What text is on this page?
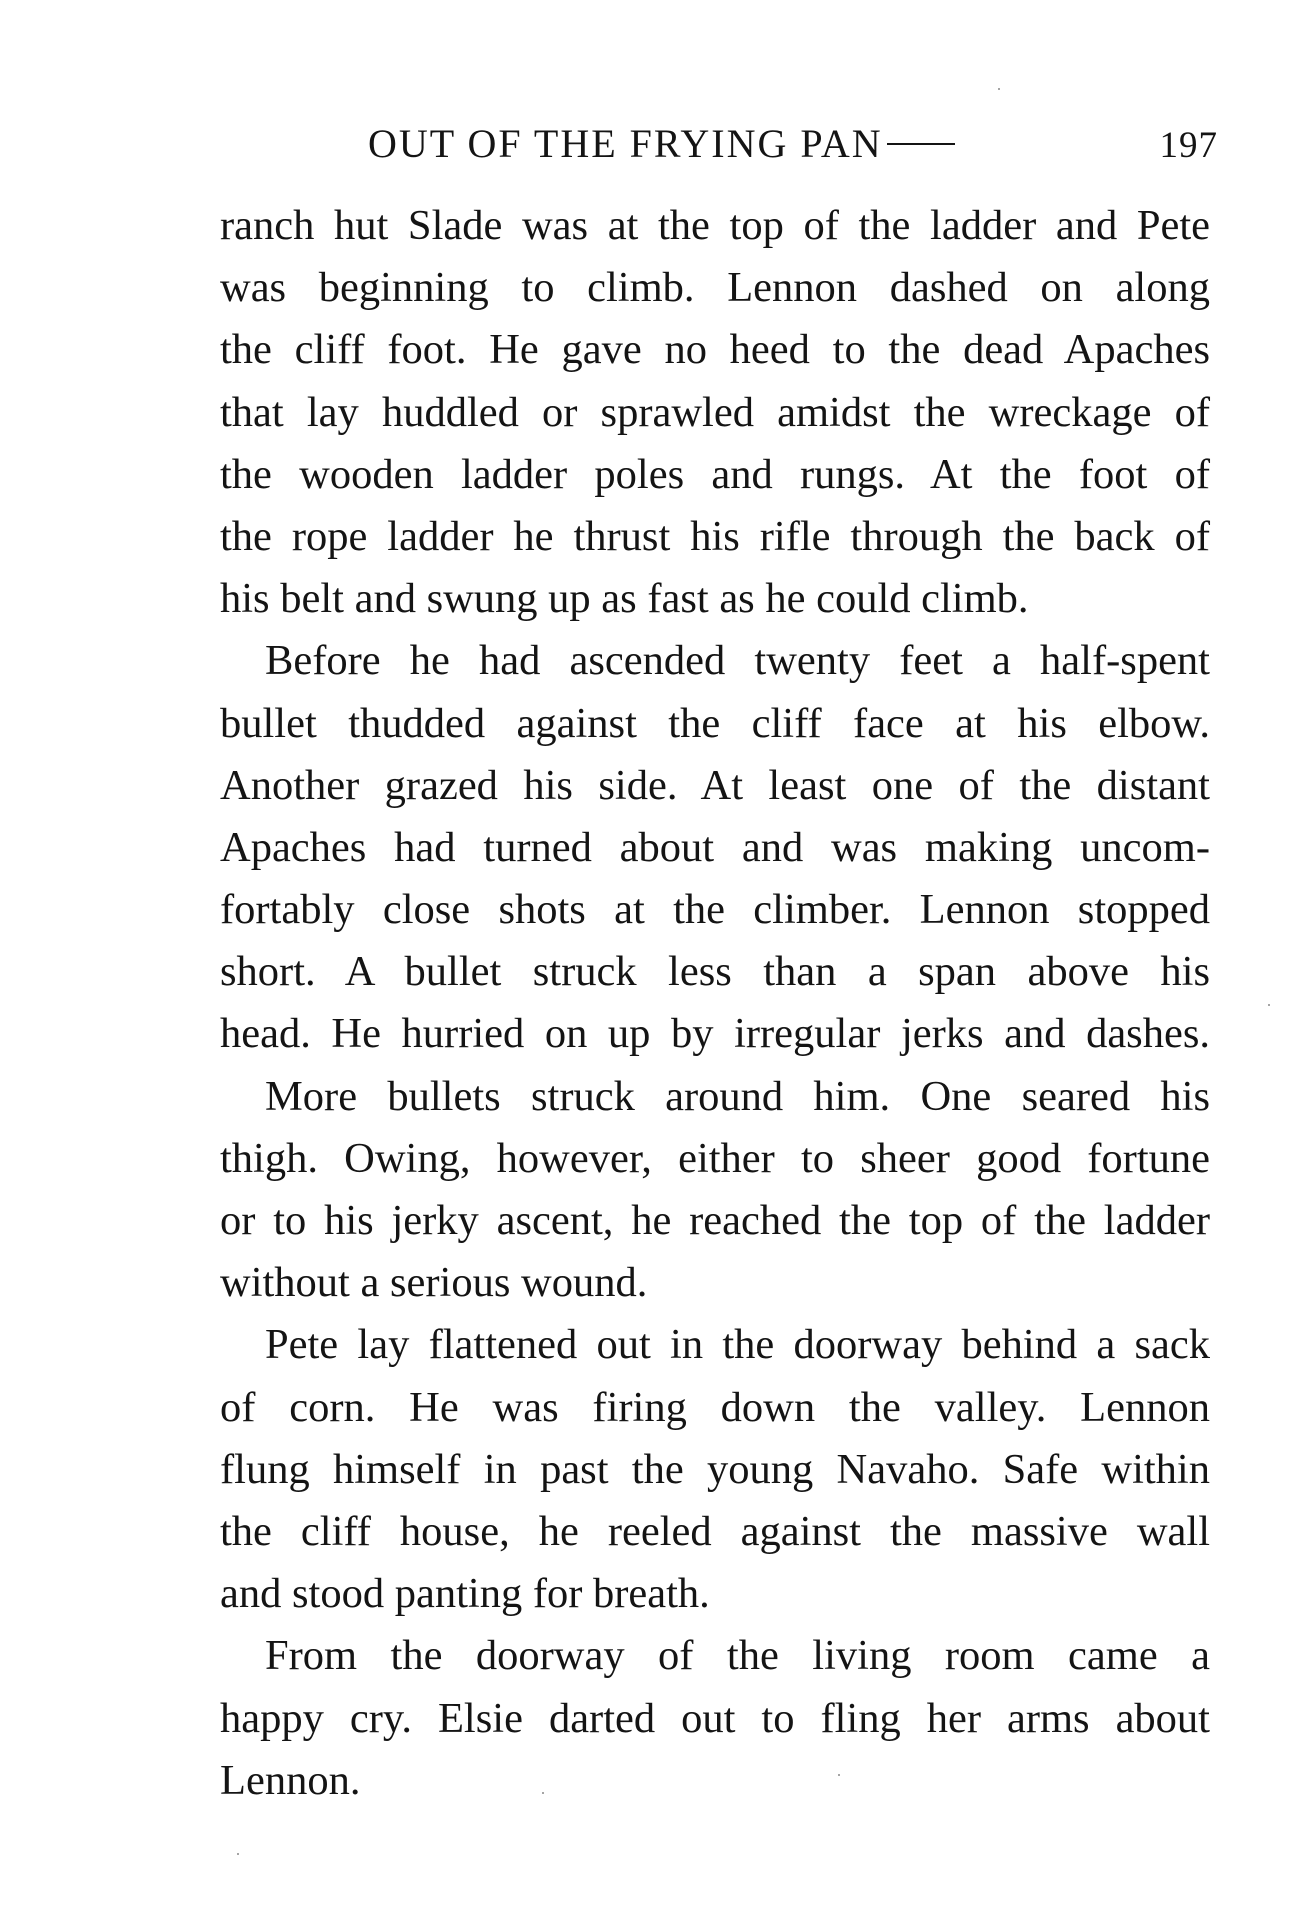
OUT OF THE FRYING PAN	197
ranch hut Slade was at the top of the ladder and Pete
was beginning to climb. Lennon dashed on along
the cliff foot. He gave no heed to the dead Apaches
that lay huddled or sprawled amidst the wreckage of
the wooden ladder poles and rungs. At the foot of
the rope ladder he thrust his rifle through the back of
his belt and swung up as fast as he could climb.
Before he had ascended twenty feet a half-spent
bullet thudded against the cliff face at his elbow.
Another grazed his side. At least one of the distant
Apaches had turned about and was making uncom-
fortably close shots at the climber. Lennon stopped
short. A bullet struck less than a span above his
head. He hurried on up by irregular jerks and dashes.
More bullets struck around him. One seared his
thigh. Owing, however, either to sheer good fortune
or to his jerky ascent, he reached the top of the ladder
without a serious wound.
Pete lay flattened out in the doorway behind a sack
of corn. He was firing down the valley. Lennon
flung himself in past the young Navaho. Safe within
the cliff house, he reeled against the massive wall
and stood panting for breath.
From the doorway of the living room came a
happy cry. Elsie darted out to fling her arms about
Lennon.
